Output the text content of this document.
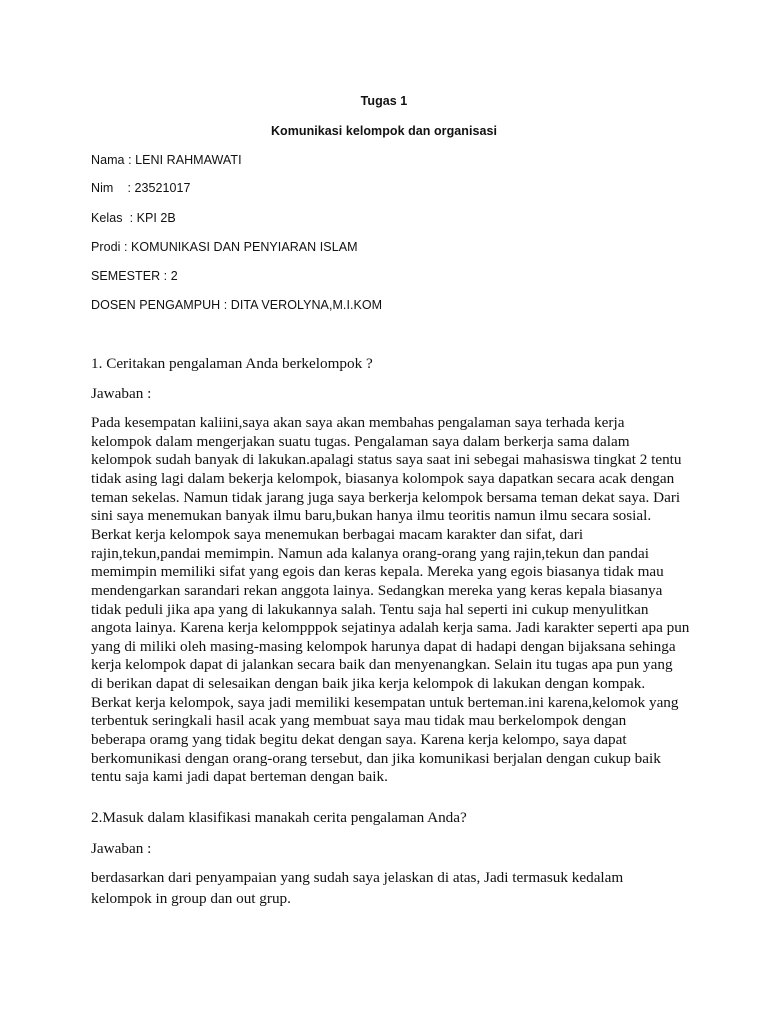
Tugas 1
Komunikasi kelompok dan organisasi
Nama : LENI RAHMAWATI
Nim    : 23521017
Kelas  : KPI 2B
Prodi : KOMUNIKASI DAN PENYIARAN ISLAM
SEMESTER : 2
DOSEN PENGAMPUH : DITA VEROLYNA,M.I.KOM
1. Ceritakan pengalaman Anda berkelompok ?
Jawaban :
Pada kesempatan kaliini,saya akan saya akan membahas pengalaman saya terhada kerja
kelompok dalam mengerjakan suatu tugas. Pengalaman saya dalam berkerja sama dalam
kelompok sudah banyak di lakukan.apalagi status saya saat ini sebegai mahasiswa tingkat 2 tentu
tidak asing lagi dalam bekerja kelompok, biasanya kolompok saya dapatkan secara acak dengan
teman sekelas. Namun tidak jarang juga saya berkerja kelompok bersama teman dekat saya. Dari
sini saya menemukan banyak ilmu baru,bukan hanya ilmu teoritis namun ilmu secara sosial.
Berkat kerja kelompok saya menemukan berbagai macam karakter dan sifat, dari
rajin,tekun,pandai memimpin. Namun ada kalanya orang-orang yang rajin,tekun dan pandai
memimpin memiliki sifat yang egois dan keras kepala. Mereka yang egois biasanya tidak mau
mendengarkan sarandari rekan anggota lainya. Sedangkan mereka yang keras kepala biasanya
tidak peduli jika apa yang di lakukannya salah. Tentu saja hal seperti ini cukup menyulitkan
angota lainya. Karena kerja kelompppok sejatinya adalah kerja sama. Jadi karakter seperti apa pun
yang di miliki oleh masing-masing kelompok harunya dapat di hadapi dengan bijaksana sehinga
kerja kelompok dapat di jalankan secara baik dan menyenangkan. Selain itu tugas apa pun yang
di berikan dapat di selesaikan dengan baik jika kerja kelompok di lakukan dengan kompak.
Berkat kerja kelompok, saya jadi memiliki kesempatan untuk berteman.ini karena,kelomok yang
terbentuk seringkali hasil acak yang membuat saya mau tidak mau berkelompok dengan
beberapa oramg yang tidak begitu dekat dengan saya. Karena kerja kelompo, saya dapat
berkomunikasi dengan orang-orang tersebut, dan jika komunikasi berjalan dengan cukup baik
tentu saja kami jadi dapat berteman dengan baik.
2.Masuk dalam klasifikasi manakah cerita pengalaman Anda?
Jawaban :
berdasarkan dari penyampaian yang sudah saya jelaskan di atas, Jadi termasuk kedalam
kelompok in group dan out grup.
